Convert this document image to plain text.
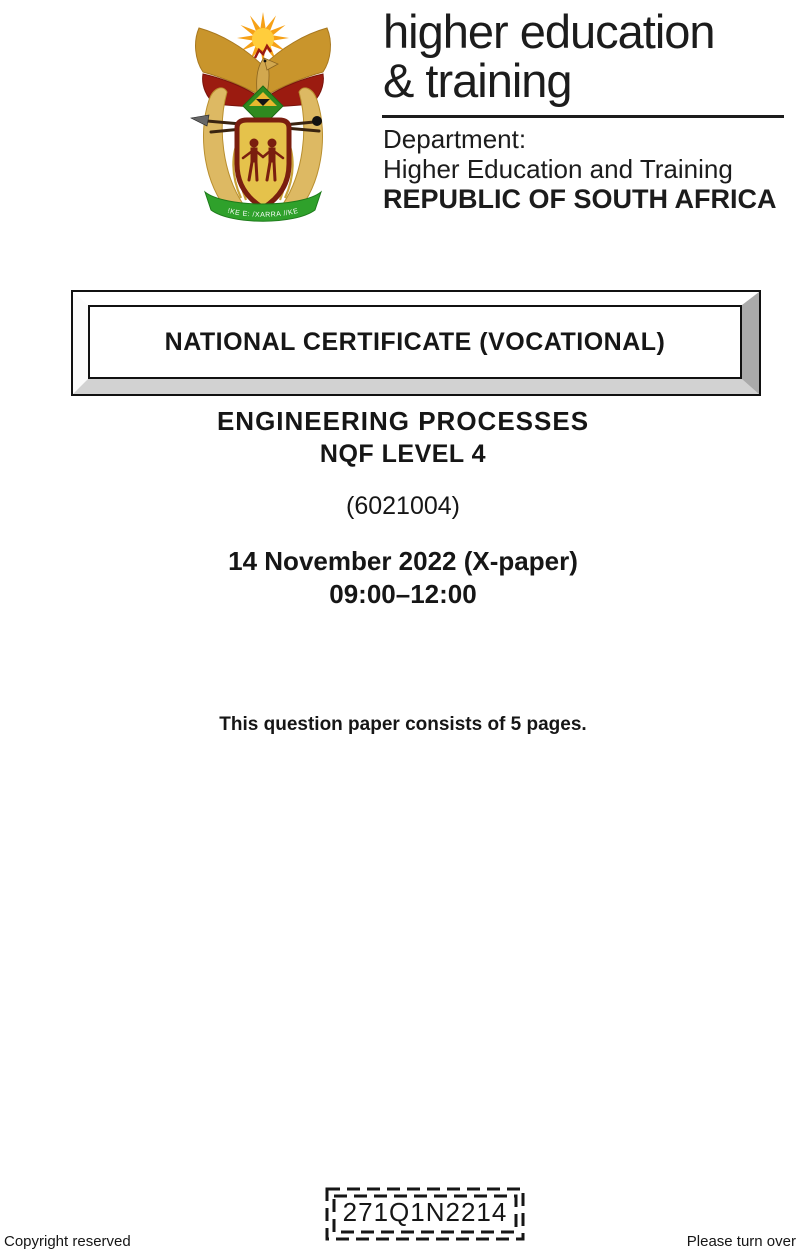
!KE E: /XARRA //KE
higher education
& training
Department:
Higher Education and Training
REPUBLIC OF SOUTH AFRICA
NATIONAL CERTIFICATE (VOCATIONAL)
ENGINEERING PROCESSES
NQF LEVEL 4
(6021004)
14 November 2022 (X-paper)
09:00–12:00
This question paper consists of 5 pages.
271Q1N2214
Copyright reserved	Please turn over
